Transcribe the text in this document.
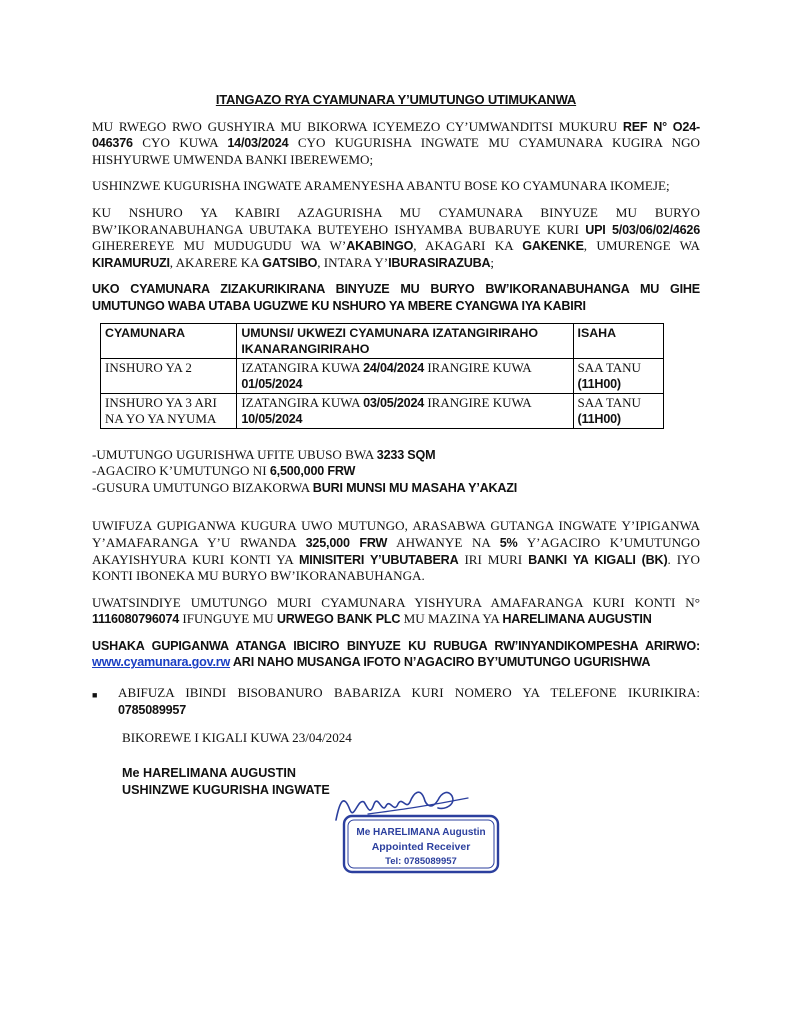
ITANGAZO RYA CYAMUNARA Y’UMUTUNGO UTIMUKANWA

MU RWEGO RWO GUSHYIRA MU BIKORWA ICYEMEZO CY’UMWANDITSI MUKURU REF N° O24-046376 CYO KUWA 14/03/2024 CYO KUGURISHA INGWATE MU CYAMUNARA KUGIRA NGO HISHYURWE UMWENDA BANKI IBEREWEMO;

USHINZWE KUGURISHA INGWATE ARAMENYESHA ABANTU BOSE KO CYAMUNARA IKOMEJE;

KU NSHURO YA KABIRI AZAGURISHA MU CYAMUNARA BINYUZE MU BURYO BW’IKORANABUHANGA UBUTAKA BUTEYEHO ISHYAMBA BUBARUYE KURI UPI 5/03/06/02/4626 GIHEREREYE MU MUDUGUDU WA W’AKABINGO, AKAGARI KA GAKENKE, UMURENGE WA KIRAMURUZI, AKARERE KA GATSIBO, INTARA Y’IBURASIRAZUBA;

UKO CYAMUNARA ZIZAKURIKIRANA BINYUZE MU BURYO BW’IKORANABUHANGA MU GIHE UMUTUNGO WABA UTABA UGUZWE KU NSHURO YA MBERE CYANGWA IYA KABIRI
CYAMUNARA	UMUNSI/ UKWEZI CYAMUNARA IZATANGIRIRAHO IKANARANGIRIRAHO	ISAHA
INSHURO YA 2	IZATANGIRA KUWA 24/04/2024 IRANGIRE KUWA 01/05/2024	SAA TANU
(11H00)
INSHURO YA 3 ARI NA YO YA NYUMA	IZATANGIRA KUWA 03/05/2024 IRANGIRE KUWA 10/05/2024	SAA TANU
(11H00)
-UMUTUNGO UGURISHWA UFITE UBUSO BWA 3233 SQM
-AGACIRO K’UMUTUNGO NI 6,500,000 FRW
-GUSURA UMUTUNGO BIZAKORWA BURI MUNSI MU MASAHA Y’AKAZI

UWIFUZA GUPIGANWA KUGURA UWO MUTUNGO, ARASABWA GUTANGA INGWATE Y’IPIGANWA Y’AMAFARANGA Y’U RWANDA 325,000 FRW AHWANYE NA 5% Y’AGACIRO K’UMUTUNGO AKAYISHYURA KURI KONTI YA MINISITERI Y’UBUTABERA IRI MURI BANKI YA KIGALI (BK). IYO KONTI IBONEKA MU BURYO BW’IKORANABUHANGA.

UWATSINDIYE UMUTUNGO MURI CYAMUNARA YISHYURA AMAFARANGA KURI KONTI N° 1116080796074 IFUNGUYE MU URWEGO BANK PLC MU MAZINA YA HARELIMANA AUGUSTIN

USHAKA GUPIGANWA ATANGA IBICIRO BINYUZE KU RUBUGA RW’INYANDIKOMPESHA ARIRWO: www.cyamunara.gov.rw ARI NAHO MUSANGA IFOTO N’AGACIRO BY’UMUTUNGO UGURISHWA
■	ABIFUZA IBINDI BISOBANURO BABARIZA KURI NOMERO YA TELEFONE IKURIKIRA: 0785089957
BIKOREWE I KIGALI KUWA 23/04/2024
Me HARELIMANA AUGUSTIN
USHINZWE KUGURISHA INGWATE
Me HARELIMANA Augustin
Appointed Receiver
Tel: 0785089957
